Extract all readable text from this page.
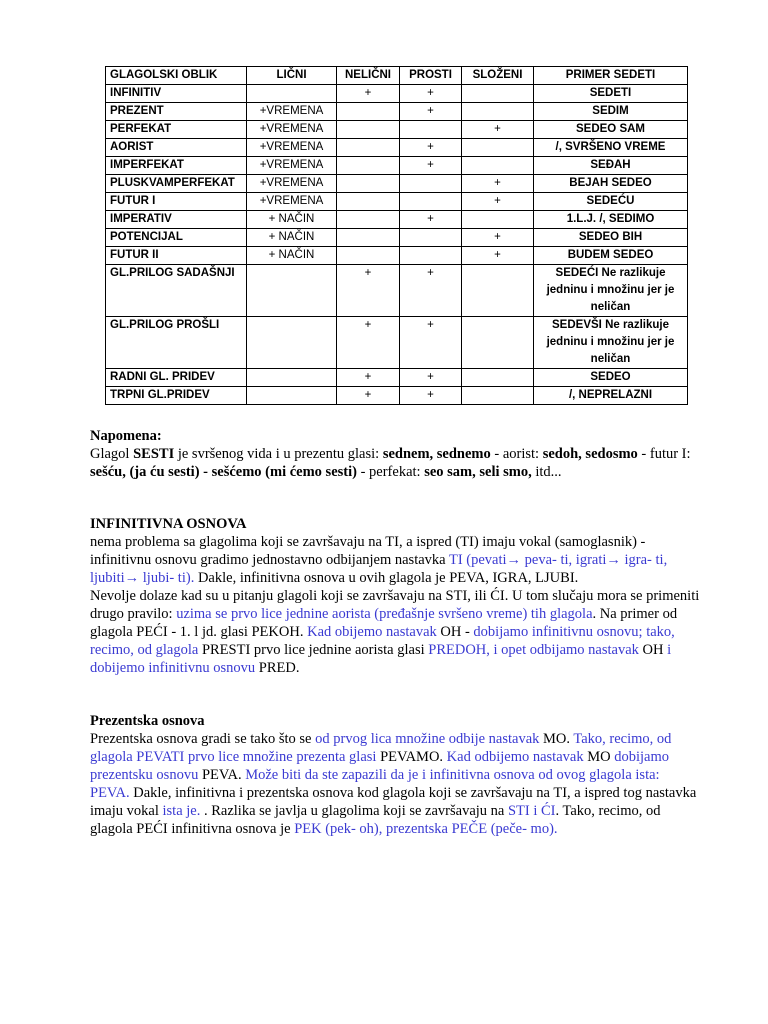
GLAGOLSKI OBLIK	LIČNI	NELIČNI	PROSTI	SLOŽENI	PRIMER SEDETI
INFINITIV		+	+		SEDETI
PREZENT	+VREMENA		+		SEDIM
PERFEKAT	+VREMENA			+	SEDEO SAM
AORIST	+VREMENA		+		/, SVRŠENO VREME
IMPERFEKAT	+VREMENA		+		SEĐAH
PLUSKVAMPERFEKAT	+VREMENA			+	BEJAH SEDEO
FUTUR I	+VREMENA			+	SEDEĆU
IMPERATIV	+ NAČIN		+		1.L.J. /, SEDIMO
POTENCIJAL	+ NAČIN			+	SEDEO BIH
FUTUR II	+ NAČIN			+	BUDEM SEDEO
GL.PRILOG SADAŠNJI		+	+		SEDEĆI Ne razlikuje jedninu i množinu jer je neličan
GL.PRILOG PROŠLI		+	+		SEDEVŠI Ne razlikuje jedninu i množinu jer je neličan
RADNI GL. PRIDEV		+	+		SEDEO
TRPNI GL.PRIDEV		+	+		/, NEPRELAZNI

Napomena:

Glagol SESTI je svršenog vida i u prezentu glasi: sednem, sednemo - aorist: sedoh, sedosmo - futur I: sešću, (ja ću sesti) - sešćemo (mi ćemo sesti) - perfekat: seo sam, seli smo, itd...

INFINITIVNA OSNOVA

nema problema sa glagolima koji se završavaju na TI, a ispred (TI) imaju vokal (samoglasnik) - infinitivnu osnovu gradimo jednostavno odbijanjem nastavka TI (pevati→ peva- ti, igrati→ igra- ti, ljubiti→ ljubi- ti). Dakle, infinitivna osnova u ovih glagola je PEVA, IGRA, LJUBI.

Nevolje dolaze kad su u pitanju glagoli koji se završavaju na STI, ili ĆI. U tom slučaju mora se primeniti drugo pravilo: uzima se prvo lice jednine aorista (prеđašnje svršeno vreme) tih glagola. Na primer od glagola PEĆI - 1. l jd. glasi PEKOH. Kad obijemo nastavak OH - dobijamo infinitivnu osnovu; tako, recimo, od glagola PRESTI prvo lice jednine aorista glasi PREDOH, i opet odbijamo nastavak OH i dobijemo infinitivnu osnovu PRED.

Prezentska osnova

Prezentska osnova gradi se tako što se od prvog lica množine odbije nastavak MO. Tako, recimo, od glagola PEVATI prvo lice množine prezenta glasi PEVAMO. Kad odbijemo nastavak MO dobijamo prezentsku osnovu PEVA. Može biti da ste zapazili da je i infinitivna osnova od ovog glagola ista: PEVA. Dakle, infinitivna i prezentska osnova kod glagola koji se završavaju na TI, a ispred tog nastavka imaju vokal ista je. . Razlika se javlja u glagolima koji se završavaju na STI i ĆI. Tako, recimo, od glagola PEĆI infinitivna osnova je PEK (pek- oh), prezentska PEČE (peče- mo).
